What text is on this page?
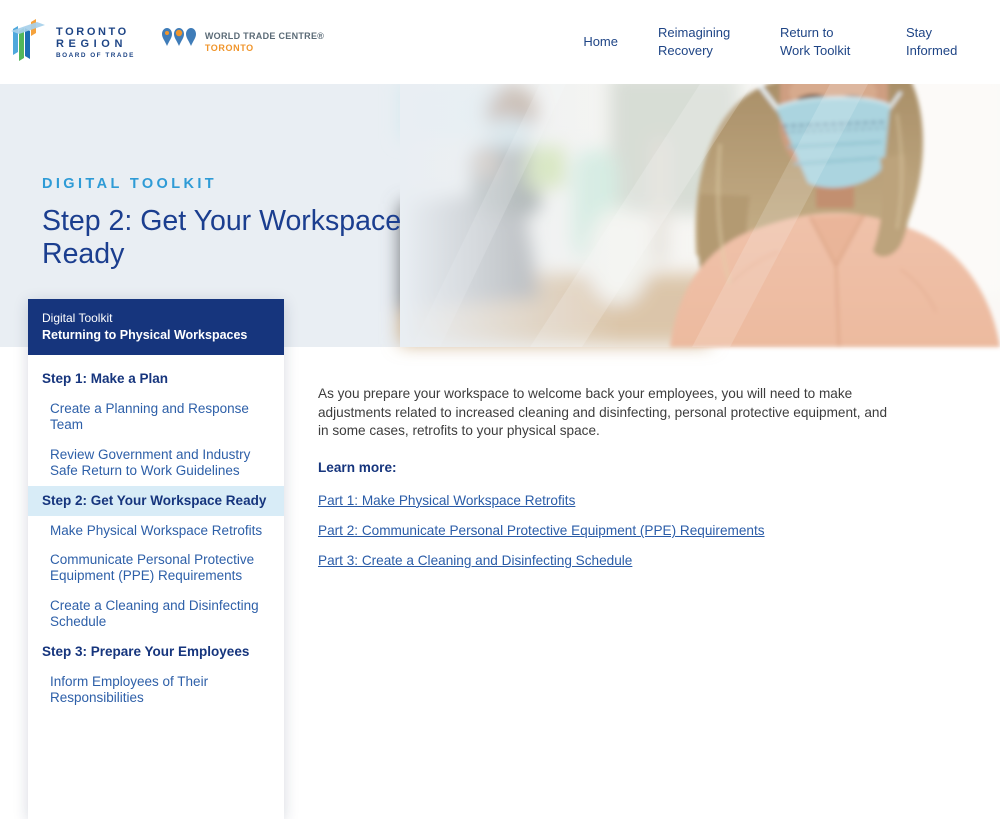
TORONTO
REGION
BOARD OF TRADE
WORLD TRADE CENTRE®
TORONTO	Home
Reimagining Recovery
Return to Work Toolkit
Stay Informed
DIGITAL TOOLKIT
Step 2: Get Your Workspace Ready
Digital Toolkit
Returning to Physical Workspaces
Step 1: Make a Plan
Create a Planning and Response Team
Review Government and Industry Safe Return to Work Guidelines
Step 2: Get Your Workspace Ready
Make Physical Workspace Retrofits
Communicate Personal Protective Equipment (PPE) Requirements
Create a Cleaning and Disinfecting Schedule
Step 3: Prepare Your Employees
Inform Employees of Their Responsibilities

As you prepare your workspace to welcome back your employees, you will need to make adjustments related to increased cleaning and disinfecting, personal protective equipment, and in some cases, retrofits to your physical space.

Learn more:

Part 1: Make Physical Workspace Retrofits
Part 2: Communicate Personal Protective Equipment (PPE) Requirements
Part 3: Create a Cleaning and Disinfecting Schedule
